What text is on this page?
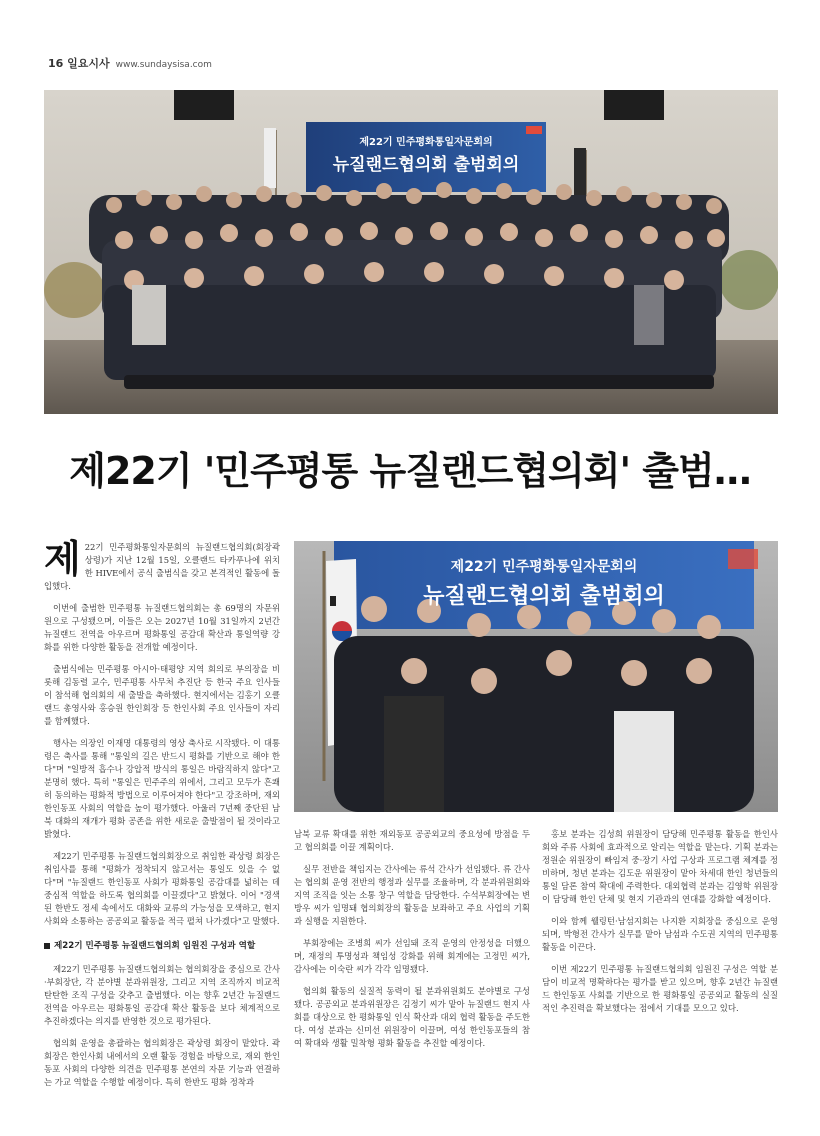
16 일요시사 www.sundaysisa.com
제22기 민주평화통일자문회의
뉴질랜드협의회 출범회의
제22기 '민주평통 뉴질랜드협의회' 출범…
제22기 민주평화통일자문회의
뉴질랜드협의회 출범회의

제 22기 민주평화통일자문회의 뉴질랜드협의회(회장곽상령)가 지난 12월 15일, 오클랜드 타카푸나에 위치한 HIVE에서 공식 출범식을 갖고 본격적인 활동에 돌입했다.

이번에 출범한 민주평통 뉴질랜드협의회는 총 69명의 자문위원으로 구성됐으며, 이들은 오는 2027년 10월 31일까지 2년간 뉴질랜드 전역을 아우르며 평화통일 공감대 확산과 통일역량 강화를 위한 다양한 활동을 전개할 예정이다.

출범식에는 민주평통 아시아·태평양 지역 회의로 부의장을 비롯해 김동렬 교수, 민주평통 사무처 추진단 등 한국 주요 인사들이 참석해 협의회의 새 출발을 축하했다. 현지에서는 김홍기 오클랜드 총영사와 홍승원 한인회장 등 한인사회 주요 인사들이 자리를 함께했다.

행사는 의장인 이재명 대통령의 영상 축사로 시작됐다. 이 대통령은 축사를 통해 "통일의 길은 반드시 평화를 기반으로 해야 한다"며 "일방적 흡수나 강압적 방식의 통일은 바람직하지 않다"고 분명히 했다. 특히 "통일은 민주주의 위에서, 그리고 모두가 흔쾌히 동의하는 평화적 방법으로 이루어져야 한다"고 강조하며, 재외 한인동포 사회의 역할을 높이 평가했다. 아울러 7년째 중단된 남북 대화의 재개가 평화 공존을 위한 새로운 출발점이 될 것이라고 밝혔다.

제22기 민주평통 뉴질랜드협의회장으로 취임한 곽상령 회장은 취임사를 통해 "평화가 정착되지 않고서는 통일도 있을 수 없다"며 "뉴질랜드 한인동포 사회가 평화통일 공감대를 넓히는 데 중심적 역할을 하도록 협의회를 이끌겠다"고 밝혔다. 이어 "경색된 한반도 정세 속에서도 대화와 교류의 가능성을 모색하고, 현지 사회와 소통하는 공공외교 활동을 적극 펼쳐 나가겠다"고 말했다.

제22기 민주평통 뉴질랜드협의회 임원진 구성과 역할

제22기 민주평통 뉴질랜드협의회는 협의회장을 중심으로 간사·부회장단, 각 분야별 분과위원장, 그리고 지역 조직까지 비교적 탄탄한 조직 구성을 갖추고 출범했다. 이는 향후 2년간 뉴질랜드 전역을 아우르는 평화통일 공감대 확산 활동을 보다 체계적으로 추진하겠다는 의지를 반영한 것으로 평가된다.

협의회 운영을 총괄하는 협의회장은 곽상령 회장이 맡았다. 곽 회장은 한인사회 내에서의 오랜 활동 경험을 바탕으로, 재외 한인동포 사회의 다양한 의견을 민주평통 본연의 자문 기능과 연결하는 가교 역할을 수행할 예정이다. 특히 한반도 평화 정착과

남북 교류 확대를 위한 재외동포 공공외교의 중요성에 방점을 두고 협의회를 이끌 계획이다.

실무 전반을 책임지는 간사에는 류석 간사가 선임됐다. 류 간사는 협의회 운영 전반의 행정과 실무를 조율하며, 각 분과위원회와 지역 조직을 잇는 소통 창구 역할을 담당한다. 수석부회장에는 변방우 씨가 임명돼 협의회장의 활동을 보좌하고 주요 사업의 기획과 실행을 지원한다.

부회장에는 조병희 씨가 선임돼 조직 운영의 안정성을 더했으며, 재정의 투명성과 책임성 강화를 위해 회계에는 고정민 씨가, 감사에는 이숙란 씨가 각각 임명됐다.

협의회 활동의 실질적 동력이 될 분과위원회도 분야별로 구성됐다. 공공외교 분과위원장은 김정기 씨가 맡아 뉴질랜드 현지 사회를 대상으로 한 평화통일 인식 확산과 대외 협력 활동을 주도한다. 여성 분과는 신미선 위원장이 이끌며, 여성 한인동포들의 참여 확대와 생활 밀착형 평화 활동을 추진할 예정이다.

홍보 분과는 김성희 위원장이 담당해 민주평통 활동을 한인사회와 주류 사회에 효과적으로 알리는 역할을 맡는다. 기획 분과는 정원순 위원장이 빠임져 중·장기 사업 구상과 프로그램 체계를 정비하며, 청년 분과는 김도운 위원장이 맡아 차세대 한인 청년들의 통일 담론 참여 확대에 주력한다. 대외협력 분과는 김영학 위원장이 담당해 한인 단체 및 현지 기관과의 연대를 강화할 예정이다.

이와 함께 웰링턴·남섬지회는 나지환 지회장을 중심으로 운영되며, 박형전 간사가 실무를 맡아 남섬과 수도권 지역의 민주평통 활동을 이끈다.

이번 제22기 민주평통 뉴질랜드협의회 임원진 구성은 역할 분담이 비교적 명확하다는 평가를 받고 있으며, 향후 2년간 뉴질랜드 한인동포 사회를 기반으로 한 평화통일 공공외교 활동의 실질적인 추진력을 확보했다는 점에서 기대를 모으고 있다.
